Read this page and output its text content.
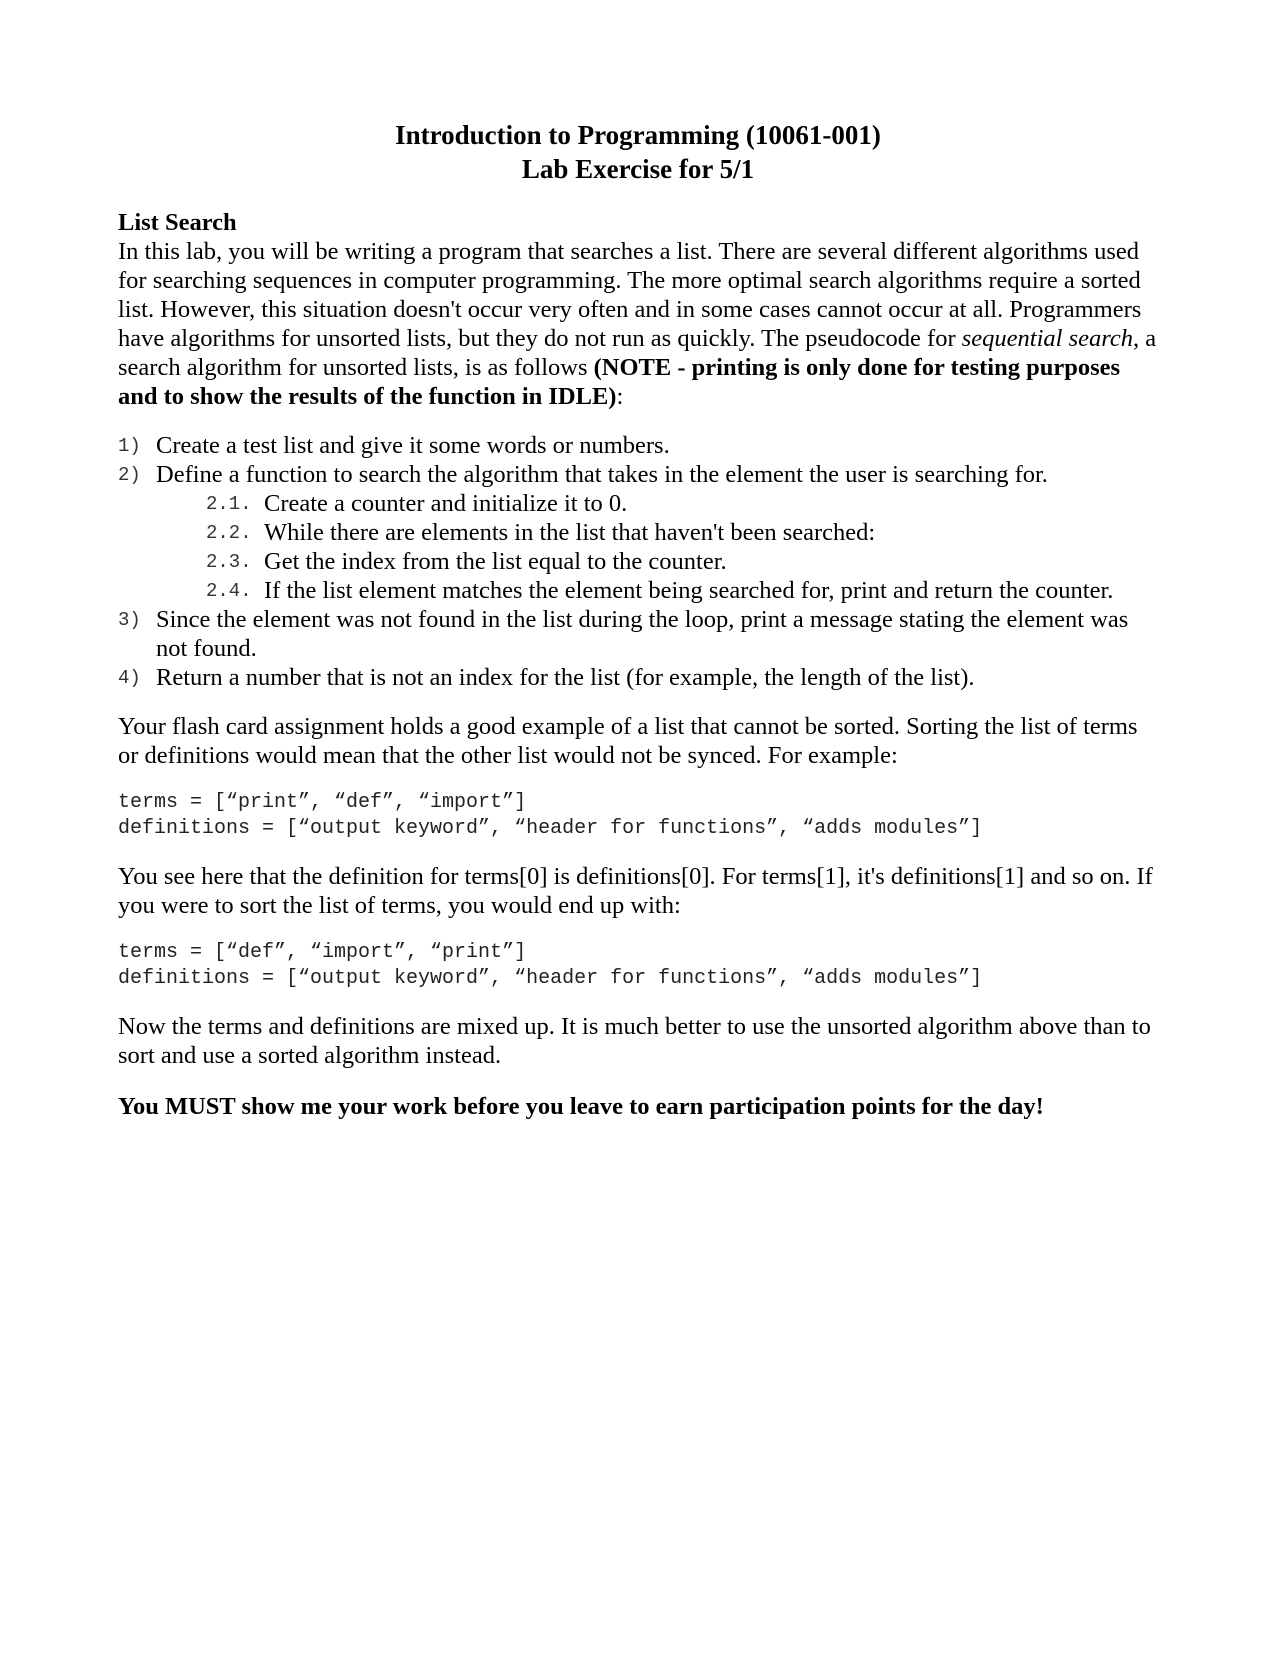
Introduction to Programming (10061-001)
Lab Exercise for 5/1
List Search

In this lab, you will be writing a program that searches a list. There are several different algorithms used for searching sequences in computer programming. The more optimal search algorithms require a sorted list. However, this situation doesn't occur very often and in some cases cannot occur at all. Programmers have algorithms for unsorted lists, but they do not run as quickly. The pseudocode for sequential search, a search algorithm for unsorted lists, is as follows (NOTE - printing is only done for testing purposes and to show the results of the function in IDLE):

1) Create a test list and give it some words or numbers.
2) Define a function to search the algorithm that takes in the element the user is searching for.
2.1. Create a counter and initialize it to 0.
2.2. While there are elements in the list that haven't been searched:
2.3. Get the index from the list equal to the counter.
2.4. If the list element matches the element being searched for, print and return the counter.
3) Since the element was not found in the list during the loop, print a message stating the element was not found.
4) Return a number that is not an index for the list (for example, the length of the list).

Your flash card assignment holds a good example of a list that cannot be sorted. Sorting the list of terms or definitions would mean that the other list would not be synced. For example:

terms = [“print”, “def”, “import”]
definitions = [“output keyword”, “header for functions”, “adds modules”]

You see here that the definition for terms[0] is definitions[0]. For terms[1], it's definitions[1] and so on. If you were to sort the list of terms, you would end up with:

terms = [“def”, “import”, “print”]
definitions = [“output keyword”, “header for functions”, “adds modules”]

Now the terms and definitions are mixed up. It is much better to use the unsorted algorithm above than to sort and use a sorted algorithm instead.

You MUST show me your work before you leave to earn participation points for the day!
